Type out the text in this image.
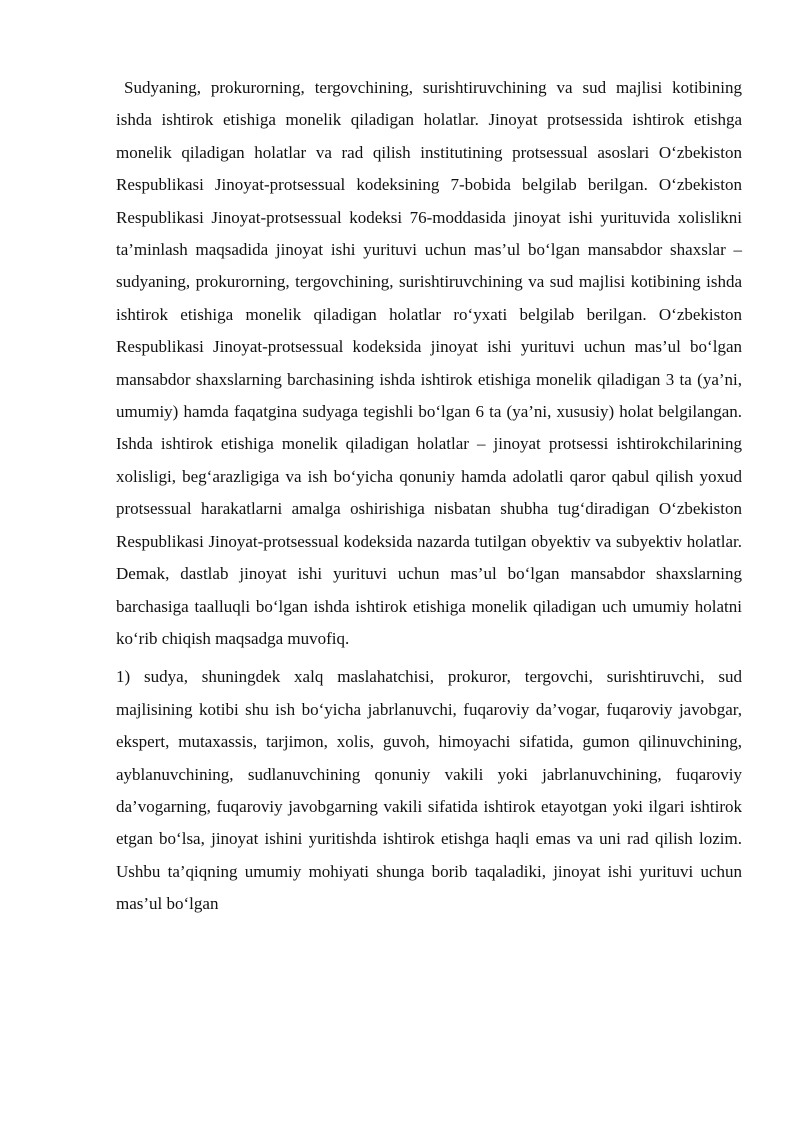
Sudyaning, prokurorning, tergovchining, surishtiruvchining va sud majlisi kotibining ishda ishtirok etishiga monelik qiladigan holatlar. Jinoyat protsessida ishtirok etishga monelik qiladigan holatlar va rad qilish institutining protsessual asoslari O‘zbekiston Respublikasi Jinoyat-protsessual kodeksining 7-bobida belgilab berilgan. O‘zbekiston Respublikasi Jinoyat-protsessual kodeksi 76-moddasida jinoyat ishi yurituvida xolislikni ta’minlash maqsadida jinoyat ishi yurituvi uchun mas’ul bo‘lgan mansabdor shaxslar – sudyaning, prokurorning, tergovchining, surishtiruvchining va sud majlisi kotibining ishda ishtirok etishiga monelik qiladigan holatlar ro‘yxati belgilab berilgan. O‘zbekiston Respublikasi Jinoyat-protsessual kodeksida jinoyat ishi yurituvi uchun mas’ul bo‘lgan mansabdor shaxslarning barchasining ishda ishtirok etishiga monelik qiladigan 3 ta (ya’ni, umumiy) hamda faqatgina sudyaga tegishli bo‘lgan 6 ta (ya’ni, xususiy) holat belgilangan. Ishda ishtirok etishiga monelik qiladigan holatlar – jinoyat protsessi ishtirokchilarining xolisligi, beg‘arazligiga va ish bo‘yicha qonuniy hamda adolatli qaror qabul qilish yoxud protsessual harakatlarni amalga oshirishiga nisbatan shubha tug‘diradigan O‘zbekiston Respublikasi Jinoyat-protsessual kodeksida nazarda tutilgan obyektiv va subyektiv holatlar. Demak, dastlab jinoyat ishi yurituvi uchun mas’ul bo‘lgan mansabdor shaxslarning barchasiga taalluqli bo‘lgan ishda ishtirok etishiga monelik qiladigan uch umumiy holatni ko‘rib chiqish maqsadga muvofiq.

1) sudya, shuningdek xalq maslahatchisi, prokuror, tergovchi, surishtiruvchi, sud majlisining kotibi shu ish bo‘yicha jabrlanuvchi, fuqaroviy da’vogar, fuqaroviy javobgar, ekspert, mutaxassis, tarjimon, xolis, guvoh, himoyachi sifatida, gumon qilinuvchining, ayblanuvchining, sudlanuvchining qonuniy vakili yoki jabrlanuvchining, fuqaroviy da’vogarning, fuqaroviy javobgarning vakili sifatida ishtirok etayotgan yoki ilgari ishtirok etgan bo‘lsa, jinoyat ishini yuritishda ishtirok etishga haqli emas va uni rad qilish lozim. Ushbu ta’qiqning umumiy mohiyati shunga borib taqaladiki, jinoyat ishi yurituvi uchun mas’ul bo‘lgan
